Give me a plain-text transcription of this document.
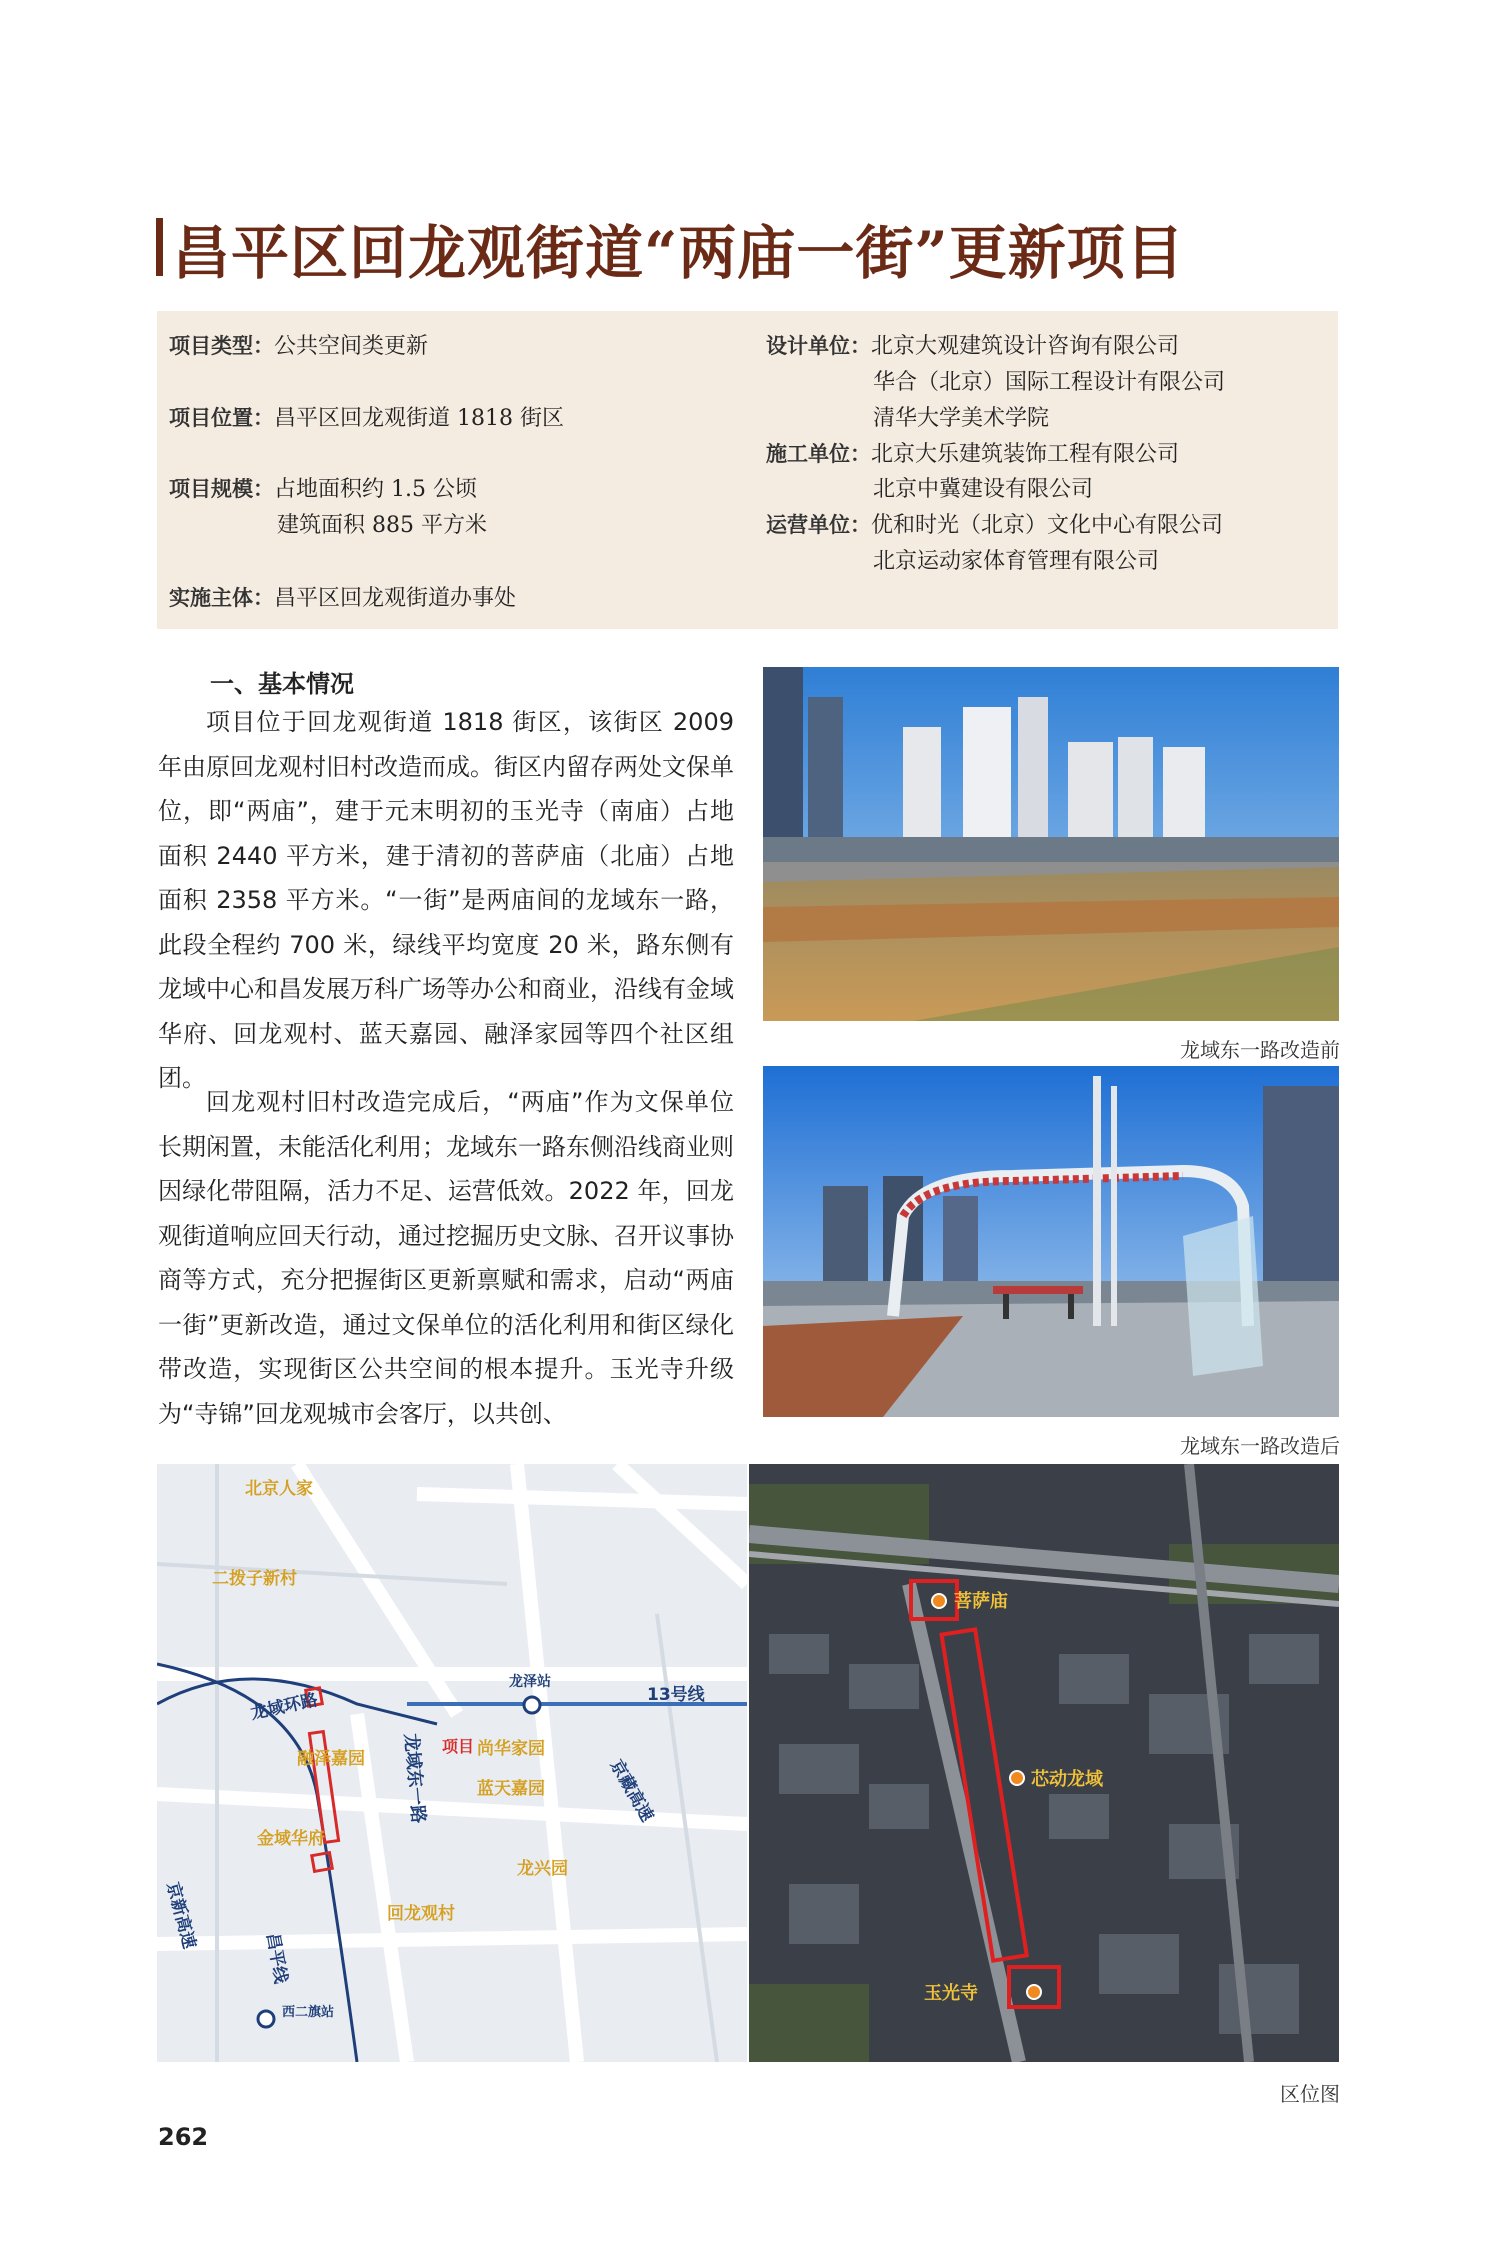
昌平区回龙观街道“两庙一街”更新项目
项目类型：公共空间类更新
项目位置：昌平区回龙观街道 1818 街区
项目规模：占地面积约 1.5 公顷
建筑面积 885 平方米
实施主体：昌平区回龙观街道办事处
设计单位：北京大观建筑设计咨询有限公司
华合（北京）国际工程设计有限公司
清华大学美术学院
施工单位：北京大乐建筑装饰工程有限公司
北京中冀建设有限公司
运营单位：优和时光（北京）文化中心有限公司
北京运动家体育管理有限公司
一、基本情况
项目位于回龙观街道 1818 街区，该街区 2009 年由原回龙观村旧村改造而成。街区内留存两处文保单位，即“两庙”，建于元末明初的玉光寺（南庙）占地面积 2440 平方米，建于清初的菩萨庙（北庙）占地面积 2358 平方米。“一街”是两庙间的龙域东一路，此段全程约 700 米，绿线平均宽度 20 米，路东侧有龙域中心和昌发展万科广场等办公和商业，沿线有金域华府、回龙观村、蓝天嘉园、融泽家园等四个社区组团。
回龙观村旧村改造完成后，“两庙”作为文保单位长期闲置，未能活化利用；龙域东一路东侧沿线商业则因绿化带阻隔，活力不足、运营低效。2022 年，回龙观街道响应回天行动，通过挖掘历史文脉、召开议事协商等方式，充分把握街区更新禀赋和需求，启动“两庙一街”更新改造，通过文保单位的活化利用和街区绿化带改造，实现街区公共空间的根本提升。玉光寺升级为“寺锦”回龙观城市会客厅，以共创、
龙域东一路改造前
龙域东一路改造后
北京人家
二拨子新村
龙域环路
龙泽站
13号线
融泽嘉园
金域华府
尚华家园
蓝天嘉园
龙兴园
回龙观村
京藏高速
京新高速
昌平线
西二旗站
龙域东一路 项目
菩萨庙
芯动龙域
玉光寺
区位图
262
